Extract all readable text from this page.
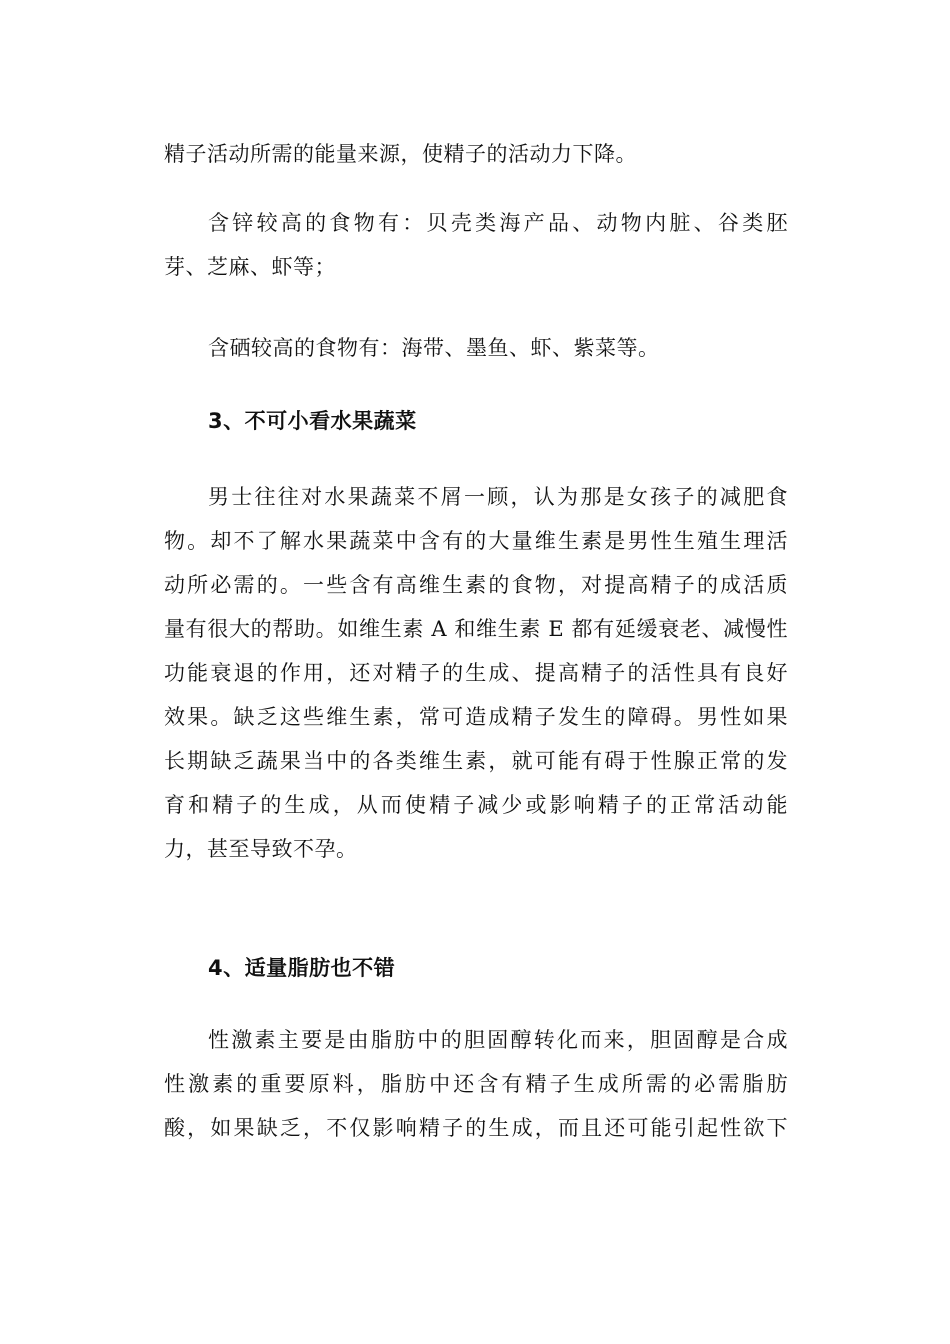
精子活动所需的能量来源，使精子的活动力下降。

含锌较高的食物有：贝壳类海产品、动物内脏、谷类胚
芽、芝麻、虾等；

含硒较高的食物有：海带、墨鱼、虾、紫菜等。

3、不可小看水果蔬菜

男士往往对水果蔬菜不屑一顾，认为那是女孩子的减肥食
物。却不了解水果蔬菜中含有的大量维生素是男性生殖生理活
动所必需的。一些含有高维生素的食物，对提高精子的成活质
量有很大的帮助。如维生素 A 和维生素 E 都有延缓衰老、减慢性
功能衰退的作用，还对精子的生成、提高精子的活性具有良好
效果。缺乏这些维生素，常可造成精子发生的障碍。男性如果
长期缺乏蔬果当中的各类维生素，就可能有碍于性腺正常的发
育和精子的生成，从而使精子减少或影响精子的正常活动能
力，甚至导致不孕。

4、适量脂肪也不错

性激素主要是由脂肪中的胆固醇转化而来，胆固醇是合成
性激素的重要原料，脂肪中还含有精子生成所需的必需脂肪
酸，如果缺乏，不仅影响精子的生成，而且还可能引起性欲下
